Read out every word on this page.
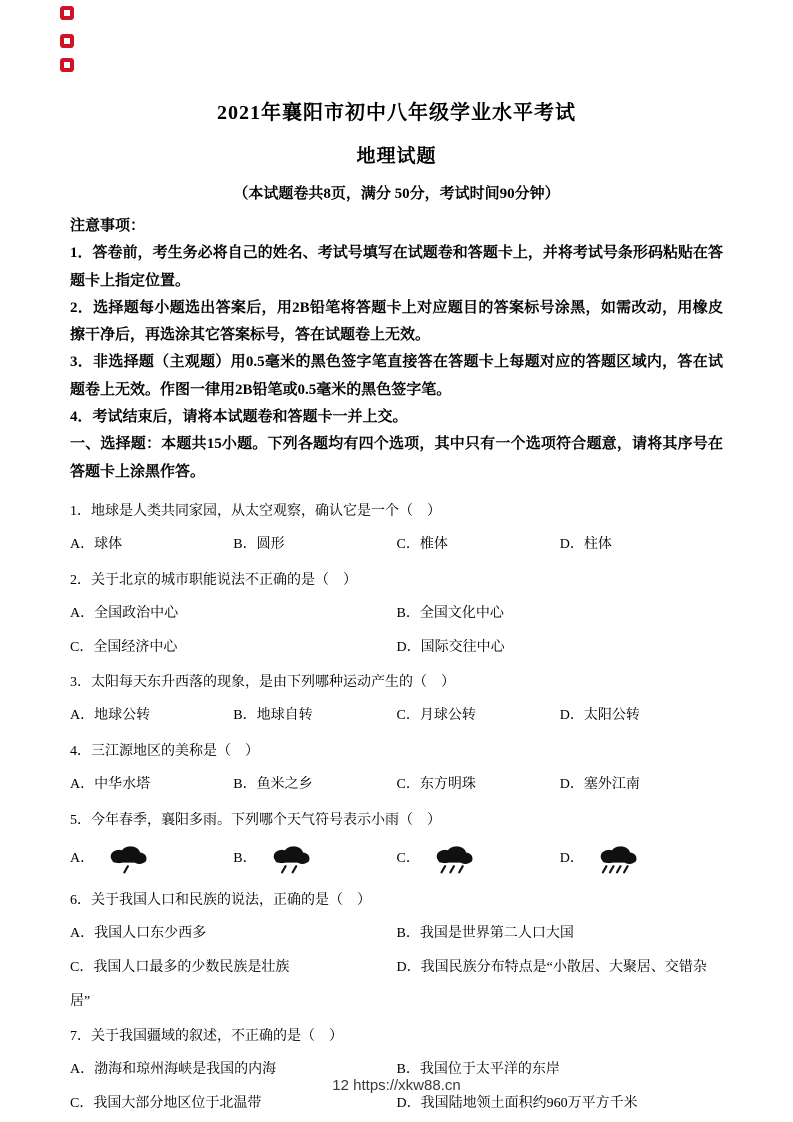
2021年襄阳市初中八年级学业水平考试
地理试题
（本试题卷共8页，满分 50分，考试时间90分钟）

注意事项：

1．答卷前，考生务必将自己的姓名、考试号填写在试题卷和答题卡上，并将考试号条形码粘贴在答题卡上指定位置。

2．选择题每小题选出答案后，用2B铅笔将答题卡上对应题目的答案标号涂黑，如需改动，用橡皮擦干净后，再选涂其它答案标号，答在试题卷上无效。

3．非选择题（主观题）用0.5毫米的黑色签字笔直接答在答题卡上每题对应的答题区域内，答在试题卷上无效。作图一律用2B铅笔或0.5毫米的黑色签字笔。

4．考试结束后，请将本试题卷和答题卡一并上交。

一、选择题：本题共15小题。下列各题均有四个选项，其中只有一个选项符合题意，请将其序号在答题卡上涂黑作答。

1．地球是人类共同家园，从太空观察，确认它是一个（　）

A．球体	B．圆形	C．椎体	D．柱体

2．关于北京的城市职能说法不正确的是（　）

A．全国政治中心	B．全国文化中心
C．全国经济中心	D．国际交往中心

3．太阳每天东升西落的现象，是由下列哪种运动产生的（　）

A．地球公转	B．地球自转	C．月球公转	D．太阳公转

4．三江源地区的美称是（　）

A．中华水塔	B．鱼米之乡	C．东方明珠	D．塞外江南

5．今年春季，襄阳多雨。下列哪个天气符号表示小雨（　）

A．	B．	C．	D．

6．关于我国人口和民族的说法，正确的是（　）

A．我国人口东少西多	B．我国是世界第二人口大国
C．我国人口最多的少数民族是壮族	D．我国民族分布特点是“小散居、大聚居、交错杂

居”

7．关于我国疆域的叙述，不正确的是（　）

A．渤海和琼州海峡是我国的内海	B．我国位于太平洋的东岸
C．我国大部分地区位于北温带	D．我国陆地领土面积约960万平方千米
12 https://xkw88.cn
